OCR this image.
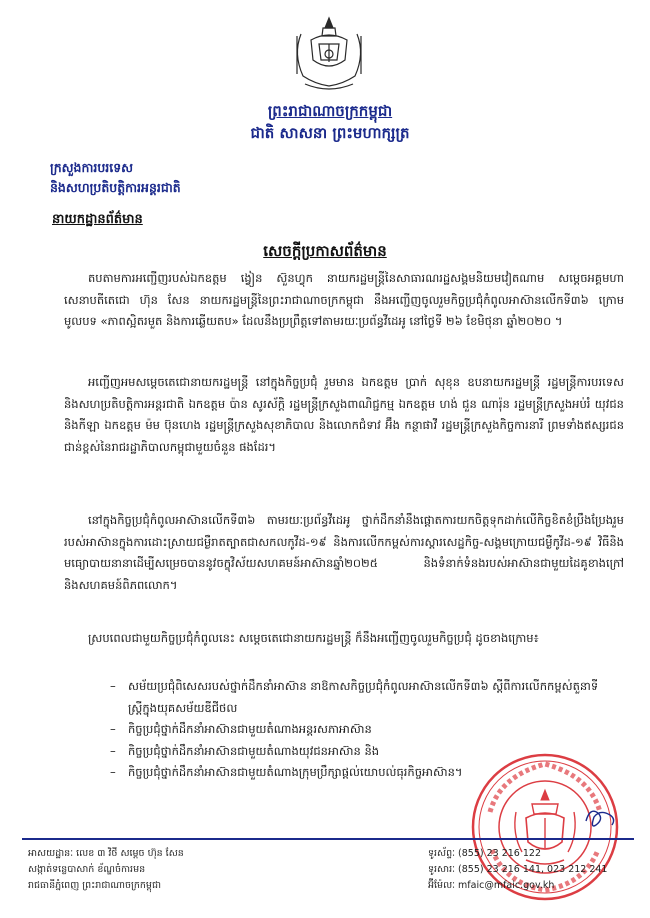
ព្រះរាជាណាចក្រកម្ពុជា
ជាតិ សាសនា ព្រះមហាក្សត្រ
ក្រសួងការបរទេស
និងសហប្រតិបត្តិការអន្តរជាតិ
នាយកដ្ឋានព័ត៌មាន
សេចក្តីប្រកាសព័ត៌មាន
តបតាមការអញ្ជើញរបស់ឯកឧត្តម ង្វៀន ស៊ួនហ្វុក នាយករដ្ឋមន្ត្រីនៃសាធារណរដ្ឋសង្គមនិយមវៀតណាម សម្តេចអគ្គមហាសេនាបតីតេជោ ហ៊ុន សែន នាយករដ្ឋមន្ត្រីនៃព្រះរាជាណាចក្រកម្ពុជា នឹងអញ្ជើញចូលរួមកិច្ចប្រជុំកំពូលអាស៊ានលើកទី៣៦ ក្រោមមូលបទ «ភាពស្អិតរមួត និងការឆ្លើយតប» ដែលនឹងប្រព្រឹត្តទៅតាមរយៈប្រព័ន្ធវីដេអូ នៅថ្ងៃទី ២៦ ខែមិថុនា ឆ្នាំ២០២០ ។
អញ្ជើញអមសម្តេចតេជោនាយករដ្ឋមន្ត្រី នៅក្នុងកិច្ចប្រជុំ រួមមាន ឯកឧត្តម ប្រាក់ សុខុន ឧបនាយករដ្ឋមន្ត្រី រដ្ឋមន្ត្រីការបរទេស និងសហប្រតិបត្តិការអន្តរជាតិ ឯកឧត្តម ប៉ាន សូរស័ក្តិ រដ្ឋមន្ត្រីក្រសួងពាណិជ្ជកម្ម ឯកឧត្តម ហង់ ជួន ណារ៉ុន រដ្ឋមន្ត្រីក្រសួងអប់រំ យុវជន និងកីឡា ឯកឧត្តម ម៉ម ប៊ុនហេង រដ្ឋមន្ត្រីក្រសួងសុខាភិបាល និងលោកជំទាវ អ៊ឹង កន្ថាផាវី រដ្ឋមន្ត្រីក្រសួងកិច្ចការនារី ព្រមទាំងឥស្សរជនជាន់ខ្ពស់នៃរាជរដ្ឋាភិបាលកម្ពុជាមួយចំនួន ផងដែរ។
នៅក្នុងកិច្ចប្រជុំកំពូលអាស៊ានលើកទី៣៦ តាមរយៈប្រព័ន្ធវីដេអូ ថ្នាក់ដឹកនាំនឹងផ្តោតការយកចិត្តទុកដាក់លើកិច្ចខិតខំប្រឹងប្រែងរួមរបស់អាស៊ានក្នុងការដោះស្រាយជម្ងឺរាតត្បាតជាសកលកូវីដ-១៩ និងការលើកកម្ពស់ការស្តារសេដ្ឋកិច្ច-សង្គមក្រោយជម្ងឺកូវីដ-១៩ វិធីនិងមធ្យោបាយនានាដើម្បីសម្រេចបាននូវចក្ខុវិស័យសហគមន៍អាស៊ានឆ្នាំ២០២៥ និងទំនាក់ទំនងរបស់អាស៊ានជាមួយដៃគូខាងក្រៅ និងសហគមន៍ពិភពលោក។
ស្របពេលជាមួយកិច្ចប្រជុំកំពូលនេះ សម្តេចតេជោនាយករដ្ឋមន្ត្រី ក៏នឹងអញ្ជើញចូលរួមកិច្ចប្រជុំ ដូចខាងក្រោម៖
– សម័យប្រជុំពិសេសរបស់ថ្នាក់ដឹកនាំអាស៊ាន នាឱកាសកិច្ចប្រជុំកំពូលអាស៊ានលើកទី៣៦ ស្តីពីការលើកកម្ពស់តួនាទីស្ត្រីក្នុងយុគសម័យឌីជីថល
– កិច្ចប្រជុំថ្នាក់ដឹកនាំអាស៊ានជាមួយតំណាងអន្តរសភាអាស៊ាន
– កិច្ចប្រជុំថ្នាក់ដឹកនាំអាស៊ានជាមួយតំណាងយុវជនអាស៊ាន និង
– កិច្ចប្រជុំថ្នាក់ដឹកនាំអាស៊ានជាមួយតំណាងក្រុមប្រឹក្សាផ្តល់យោបល់ធុរកិច្ចអាស៊ាន។
អាសយដ្ឋានៈ លេខ ៣ វិថី សម្តេច ហ៊ុន សែន
សង្កាត់ទន្លេបាសាក់ ខ័ណ្ឌចំការមន
រាជធានីភ្នំពេញ ព្រះរាជាណាចក្រកម្ពុជា
ទូរស័ព្ទៈ (855) 23 216 122
ទូរសារៈ (855) 23 216 141, 023 212 241
អ៊ីម៉ែលៈ mfaic@mfaic.gov.kh
